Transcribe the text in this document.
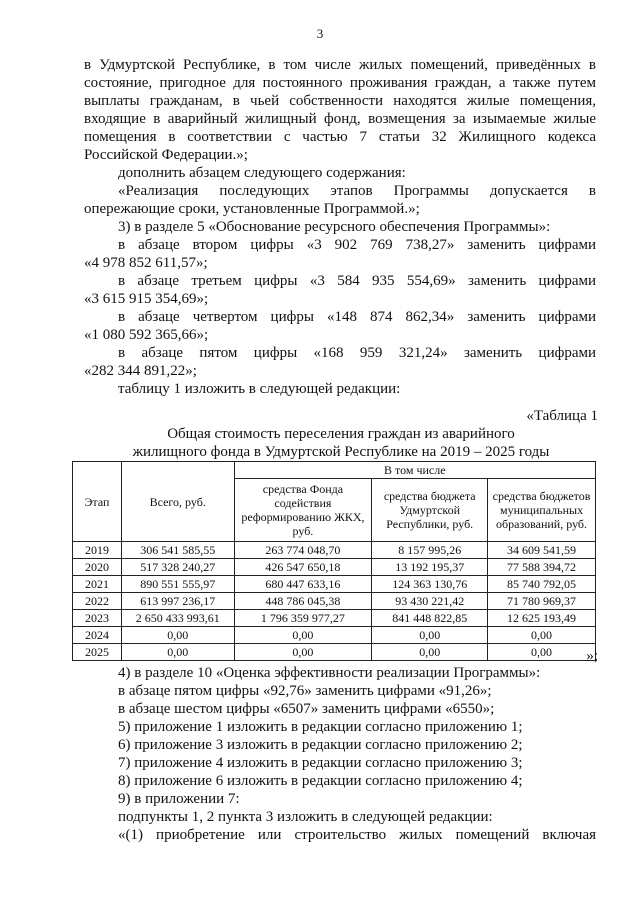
3

в Удмуртской Республике, в том числе жилых помещений, приведённых в

состояние, пригодное для постоянного проживания граждан, а также путем

выплаты гражданам, в чьей собственности находятся жилые помещения,

входящие в аварийный жилищный фонд, возмещения за изымаемые жилые

помещения в соответствии с частью 7 статьи 32 Жилищного кодекса

Российской Федерации.»;

дополнить абзацем следующего содержания:

«Реализация последующих этапов Программы допускается в

опережающие сроки, установленные Программой.»;

3) в разделе 5 «Обоснование ресурсного обеспечения Программы»:

в абзаце втором цифры «3 902 769 738,27» заменить цифрами

«4 978 852 611,57»;

в абзаце третьем цифры «3 584 935 554,69» заменить цифрами

«3 615 915 354,69»;

в абзаце четвертом цифры «148 874 862,34» заменить цифрами

«1 080 592 365,66»;

в абзаце пятом цифры «168 959 321,24» заменить цифрами

«282 344 891,22»;

таблицу 1 изложить в следующей редакции:

«Таблица 1
Общая стоимость переселения граждан из аварийного
жилищного фонда в Удмуртской Республике на 2019 – 2025 годы
Этап	Всего, руб.	В том числе		
		средства Фонда содействия реформированию ЖКХ, руб.	средства бюджета Удмуртской Республики, руб.	средства бюджетов муниципальных образований, руб.
2019	306 541 585,55	263 774 048,70	8 157 995,26	34 609 541,59
2020	517 328 240,27	426 547 650,18	13 192 195,37	77 588 394,72
2021	890 551 555,97	680 447 633,16	124 363 130,76	85 740 792,05
2022	613 997 236,17	448 786 045,38	93 430 221,42	71 780 969,37
2023	2 650 433 993,61	1 796 359 977,27	841 448 822,85	12 625 193,49
2024	0,00	0,00	0,00	0,00
2025	0,00	0,00	0,00	0,00	»;

4) в разделе 10 «Оценка эффективности реализации Программы»:

в абзаце пятом цифры «92,76» заменить цифрами «91,26»;

в абзаце шестом цифры «6507» заменить цифрами «6550»;

5) приложение 1 изложить в редакции согласно приложению 1;

6) приложение 3 изложить в редакции согласно приложению 2;

7) приложение 4 изложить в редакции согласно приложению 3;

8) приложение 6 изложить в редакции согласно приложению 4;

9) в приложении 7:

подпункты 1, 2 пункта 3 изложить в следующей редакции:

«(1) приобретение или строительство жилых помещений включая
